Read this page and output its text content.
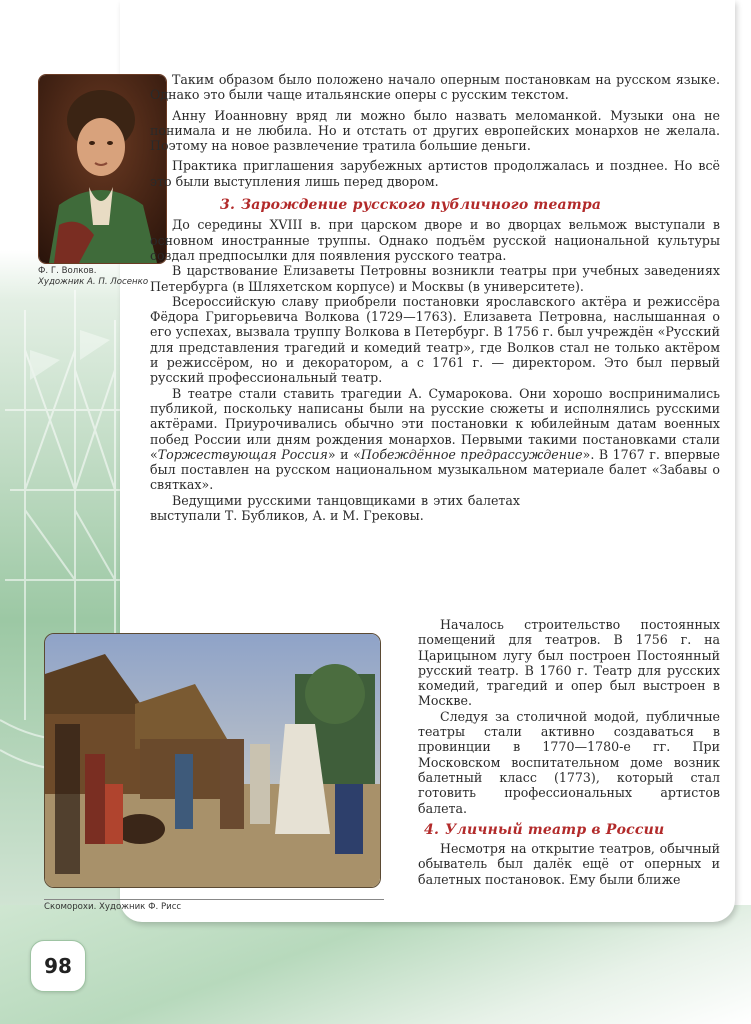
Ф. Г. Волков.
Художник А. П. Лосенко

Таким образом было положено начало оперным постановкам на русском языке. Однако это были чаще итальянские оперы с русским текстом.

Анну Иоанновну вряд ли можно было назвать меломанкой. Музыки она не понимала и не любила. Но и отстать от других европейских монархов не желала. Поэтому на новое развлечение тратила большие деньги.

Практика приглашения зарубежных артистов продолжалась и позднее. Но всё это были выступления лишь перед двором.

3. Зарождение русского публичного театра

До середины XVIII в. при царском дворе и во дворцах вельмож выступали в основном иностранные труппы. Однако подъём русской национальной культуры создал предпосылки для появления русского театра.

В царствование Елизаветы Петровны возникли театры при учебных заведениях Петербурга (в Шляхетском корпусе) и Москвы (в университете).

Всероссийскую славу приобрели постановки ярославского актёра и режиссёра Фёдора Григорьевича Волкова (1729—1763). Елизавета Петровна, наслышанная о его успехах, вызвала труппу Волкова в Петербург. В 1756 г. был учреждён «Русский для представления трагедий и комедий театр», где Волков стал не только актёром и режиссёром, но и декоратором, а с 1761 г. — директором. Это был первый русский профессиональный театр.

В театре стали ставить трагедии А. Сумарокова. Они хорошо воспринимались публикой, поскольку написаны были на русские сюжеты и исполнялись русскими актёрами. Приурочивались обычно эти постановки к юбилейным датам военных побед России или дням рождения монархов. Первыми такими постановками стали «Торжествующая Россия» и «Побеждённое предрассуждение». В 1767 г. впервые был поставлен на русском национальном музыкальном материале балет «Забавы о святках».

Ведущими русскими танцовщиками в этих балетах выступали Т. Бубликов, А. и М. Грековы.

Скоморохи. Художник Ф. Рисс

Началось строительство постоянных помещений для театров. В 1756 г. на Царицыном лугу был построен Постоянный русский театр. В 1760 г. Театр для русских комедий, трагедий и опер был выстроен в Москве.

Следуя за столичной модой, публичные театры стали активно создаваться в провинции в 1770—1780-е гг. При Московском воспитательном доме возник балетный класс (1773), который стал готовить профессиональных артистов балета.

4. Уличный театр в России

Несмотря на открытие театров, обычный обыватель был далёк ещё от оперных и балетных постановок. Ему были ближе

98
